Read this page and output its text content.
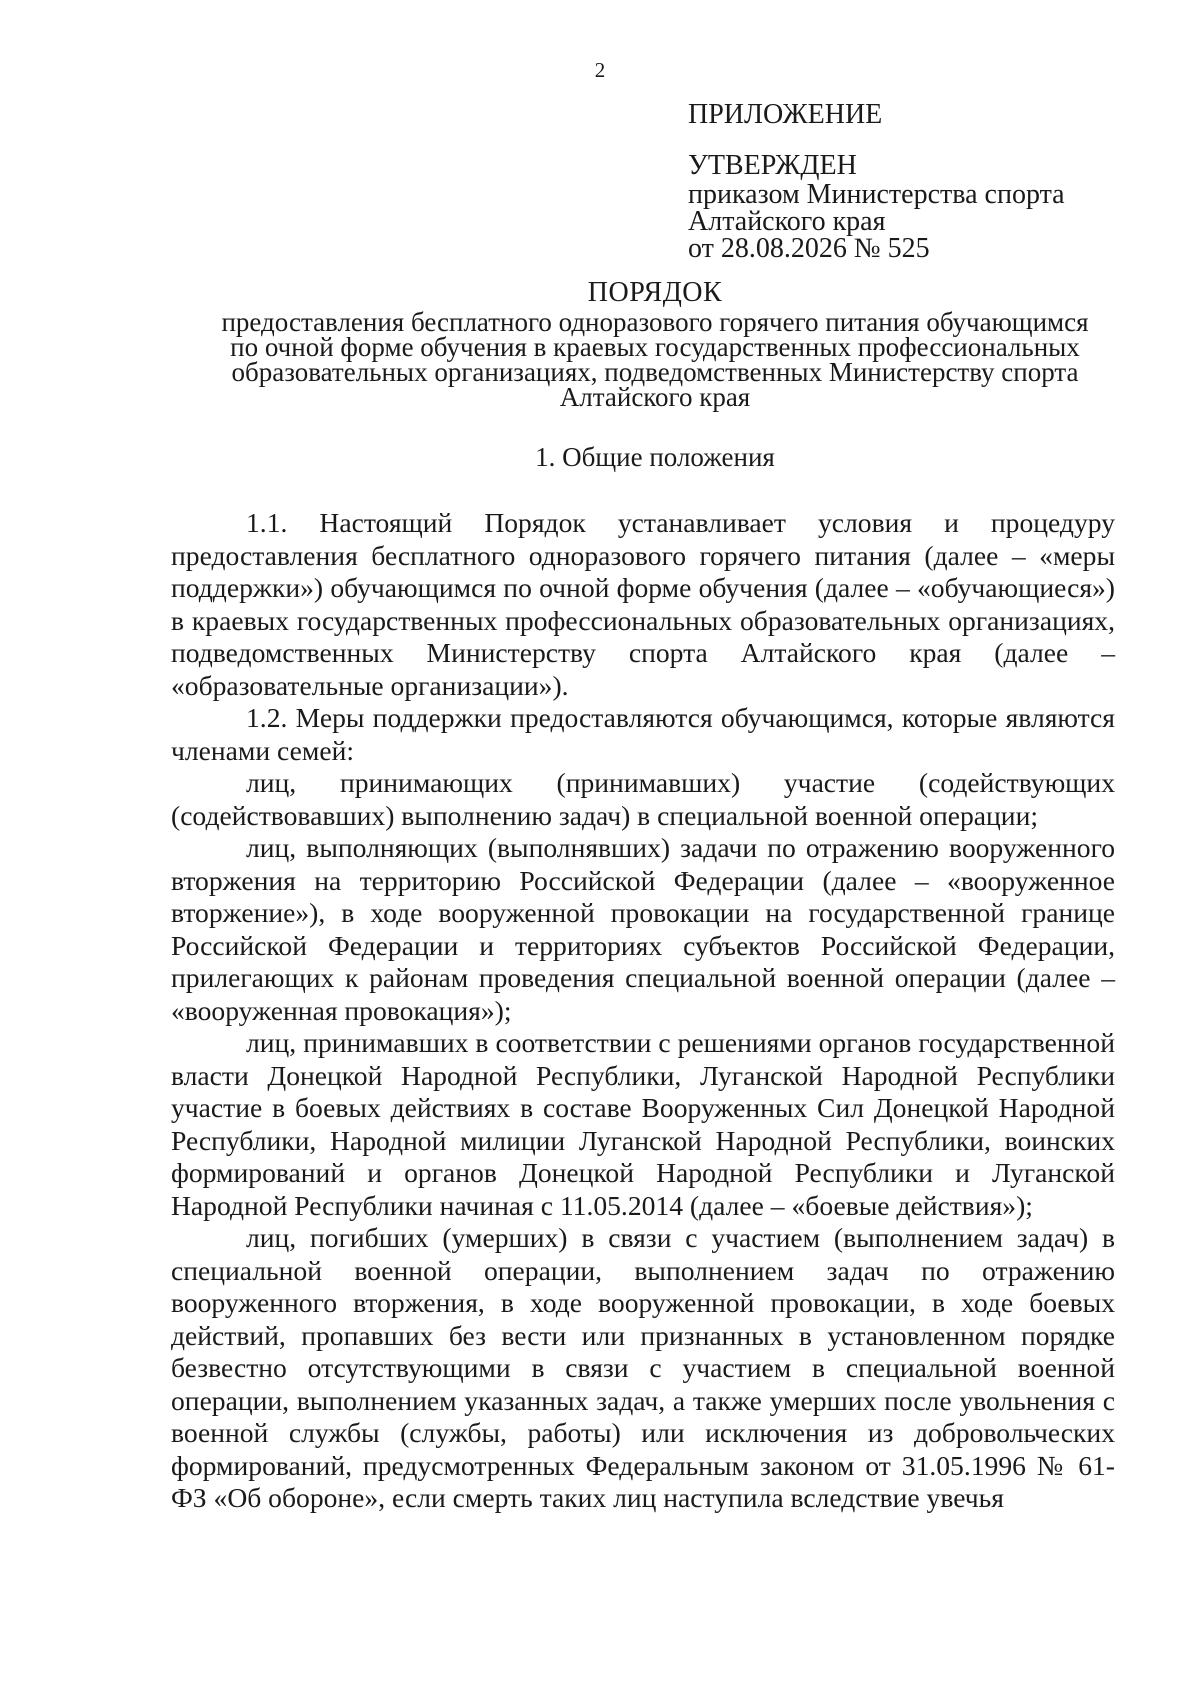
2
ПРИЛОЖЕНИЕ
УТВЕРЖДЕН
приказом Министерства спорта
Алтайского края
от 28.08.2026 № 525
ПОРЯДОК
предоставления бесплатного одноразового горячего питания обучающимся
по очной форме обучения в краевых государственных профессиональных
образовательных организациях, подведомственных Министерству спорта
Алтайского края
1. Общие положения

1.1. Настоящий Порядок устанавливает условия и процедуру предоставления бесплатного одноразового горячего питания (далее – «меры поддержки») обучающимся по очной форме обучения (далее – «обучающиеся») в краевых государственных профессиональных образовательных организациях, подведомственных Министерству спорта Алтайского края (далее – «образовательные организации»).

1.2. Меры поддержки предоставляются обучающимся, которые являются членами семей:

лиц, принимающих (принимавших) участие (содействующих (содействовавших) выполнению задач) в специальной военной операции;

лиц, выполняющих (выполнявших) задачи по отражению вооруженного вторжения на территорию Российской Федерации (далее – «вооруженное вторжение»), в ходе вооруженной провокации на государственной границе Российской Федерации и территориях субъектов Российской Федерации, прилегающих к районам проведения специальной военной операции (далее – «вооруженная провокация»);

лиц, принимавших в соответствии с решениями органов государственной власти Донецкой Народной Республики, Луганской Народной Республики участие в боевых действиях в составе Вооруженных Сил Донецкой Народной Республики, Народной милиции Луганской Народной Республики, воинских формирований и органов Донецкой Народной Республики и Луганской Народной Республики начиная с 11.05.2014 (далее – «боевые действия»);

лиц, погибших (умерших) в связи с участием (выполнением задач) в специальной военной операции, выполнением задач по отражению вооруженного вторжения, в ходе вооруженной провокации, в ходе боевых действий, пропавших без вести или признанных в установленном порядке безвестно отсутствующими в связи с участием в специальной военной операции, выполнением указанных задач, а также умерших после увольнения с военной службы (службы, работы) или исключения из добровольческих формирований, предусмотренных Федеральным законом от 31.05.1996 № 61-ФЗ «Об обороне», если смерть таких лиц наступила вследствие увечья
